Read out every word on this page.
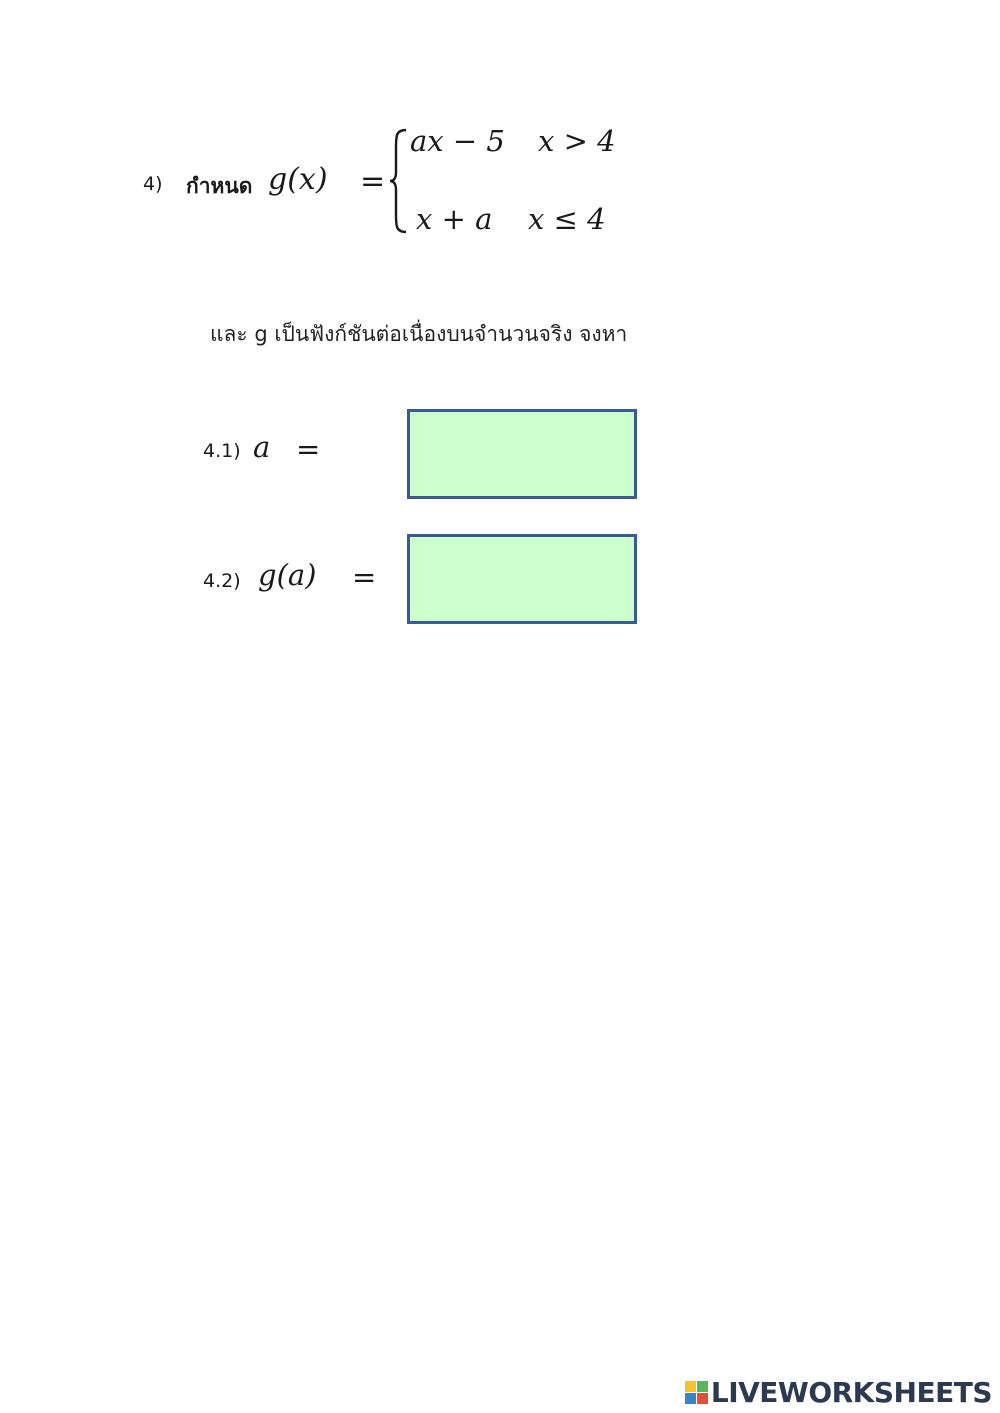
4) กำหนด g(x) =
ax − 5 x > 4
x + a x ≤ 4
และ g เป็นฟังก์ชันต่อเนื่องบนจำนวนจริง จงหา
4.1) a =
4.2) g(a) =
LIVEWORKSHEETS
